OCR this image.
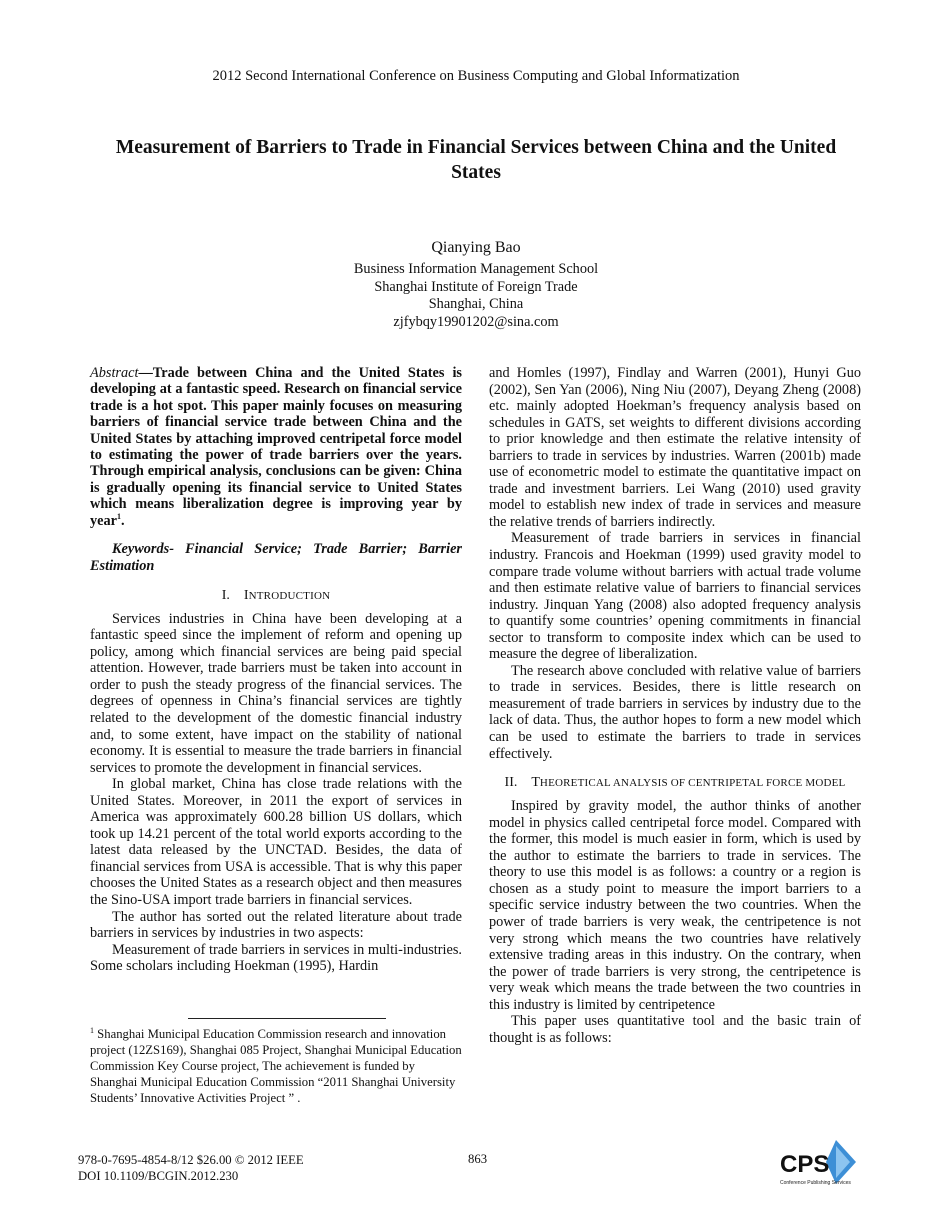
2012 Second International Conference on Business Computing and Global Informatization
Measurement of Barriers to Trade in Financial Services between China and the United States
Qianying Bao
Business Information Management School
Shanghai Institute of Foreign Trade
Shanghai, China
zjfybqy19901202@sina.com

Abstract—Trade between China and the United States is developing at a fantastic speed. Research on financial service trade is a hot spot. This paper mainly focuses on measuring barriers of financial service trade between China and the United States by attaching improved centripetal force model to estimating the power of trade barriers over the years. Through empirical analysis, conclusions can be given: China is gradually opening its financial service to United States which means liberalization degree is improving year by year$^1$.

Keywords- Financial Service; Trade Barrier; Barrier Estimation

I. INTRODUCTION

Services industries in China have been developing at a fantastic speed since the implement of reform and opening up policy, among which financial services are being paid special attention. However, trade barriers must be taken into account in order to push the steady progress of the financial services. The degrees of openness in China’s financial services are tightly related to the development of the domestic financial industry and, to some extent, have impact on the stability of national economy. It is essential to measure the trade barriers in financial services to promote the development in financial services.

In global market, China has close trade relations with the United States. Moreover, in 2011 the export of services in America was approximately 600.28 billion US dollars, which took up 14.21 percent of the total world exports according to the latest data released by the UNCTAD. Besides, the data of financial services from USA is accessible. That is why this paper chooses the United States as a research object and then measures the Sino-USA import trade barriers in financial services.

The author has sorted out the related literature about trade barriers in services by industries in two aspects:

Measurement of trade barriers in services in multi-industries. Some scholars including Hoekman (1995), Hardin

$^1$ Shanghai Municipal Education Commission research and innovation project (12ZS169), Shanghai 085 Project, Shanghai Municipal Education Commission Key Course project, The achievement is funded by Shanghai Municipal Education Commission “2011 Shanghai University Students’ Innovative Activities Project ” .

and Homles (1997), Findlay and Warren (2001), Hunyi Guo (2002), Sen Yan (2006), Ning Niu (2007), Deyang Zheng (2008) etc. mainly adopted Hoekman’s frequency analysis based on schedules in GATS, set weights to different divisions according to prior knowledge and then estimate the relative intensity of barriers to trade in services by industries. Warren (2001b) made use of econometric model to estimate the quantitative impact on trade and investment barriers. Lei Wang (2010) used gravity model to establish new index of trade in services and measure the relative trends of barriers indirectly.

Measurement of trade barriers in services in financial industry. Francois and Hoekman (1999) used gravity model to compare trade volume without barriers with actual trade volume and then estimate relative value of barriers to financial services industry. Jinquan Yang (2008) also adopted frequency analysis to quantify some countries’ opening commitments in financial sector to transform to composite index which can be used to measure the degree of liberalization.

The research above concluded with relative value of barriers to trade in services. Besides, there is little research on measurement of trade barriers in services by industry due to the lack of data. Thus, the author hopes to form a new model which can be used to estimate the barriers to trade in services effectively.

II. THEORETICAL ANALYSIS OF CENTRIPETAL FORCE MODEL

Inspired by gravity model, the author thinks of another model in physics called centripetal force model. Compared with the former, this model is much easier in form, which is used by the author to estimate the barriers to trade in services. The theory to use this model is as follows: a country or a region is chosen as a study point to measure the import barriers to a specific service industry between the two countries. When the power of trade barriers is very weak, the centripetence is not very strong which means the two countries have relatively extensive trading areas in this industry. On the contrary, when the power of trade barriers is very strong, the centripetence is very weak which means the trade between the two countries in this industry is limited by centripetence

This paper uses quantitative tool and the basic train of thought is as follows:

978-0-7695-4854-8/12 $26.00 © 2012 IEEE
DOI 10.1109/BCGIN.2012.230
863	CPS
Conference Publishing Services
